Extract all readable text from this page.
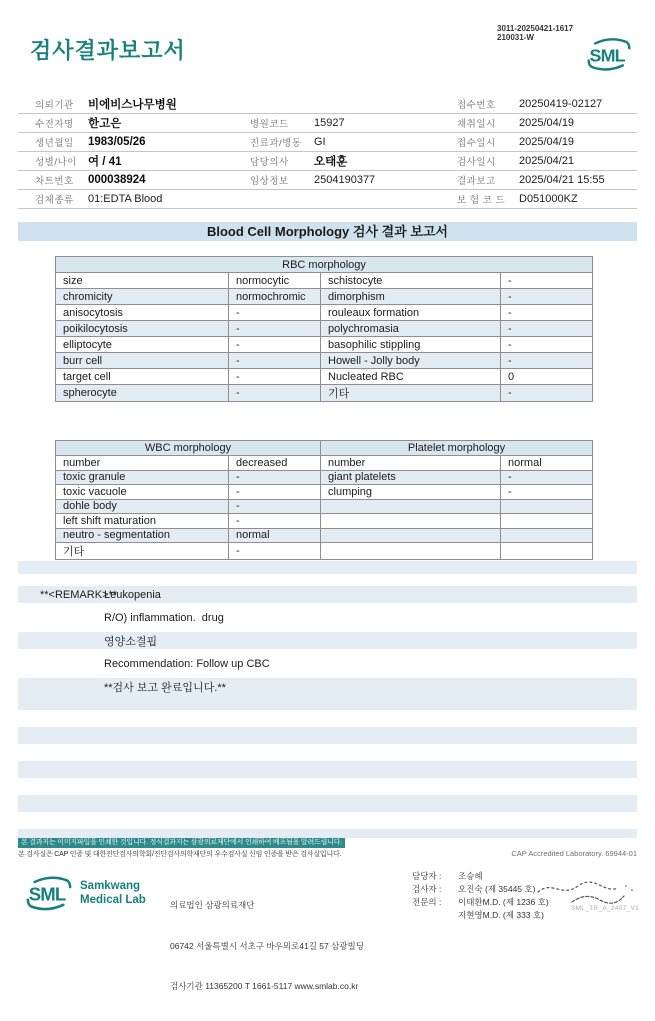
검사결과보고서
3011-20250421-1617
210031-W
SML
의뢰기관	비에비스나무병원	접수번호	20250419-02127
수진자명	한고은	병원코드	15927	채취일시	2025/04/19
생년월일	1983/05/26	진료과/병동	GI	접수일시	2025/04/19
성별/나이 여 / 41	담당의사	오태훈	검사일시	2025/04/21
차트번호	000038924	임상정보	2504190377	결과보고	2025/04/21 15:55
검체종류	01:EDTA Blood	보 험 코 드	D051000KZ
Blood Cell Morphology 검사 결과 보고서
RBC morphology			
size	normocytic	schistocyte	-
chromicity	normochromic	dimorphism	-
anisocytosis	-	rouleaux formation	-
poikilocytosis	-	polychromasia	-
elliptocyte	-	basophilic stippling	-
burr cell	-	Howell - Jolly body	-
target cell	-	Nucleated RBC	0
spherocyte	-	기타	-
WBC morphology		Platelet morphology	
number	decreased	number	normal
toxic granule	-	giant platelets	-
toxic vacuole	-	clumping	-
dohle body	-		
left shift maturation	-		
neutro - segmentation	normal		
기타	-		
**<REMARK>**
Leukopenia
R/O) inflammation.  drug
영양소결핍
Recommendation: Follow up CBC
**검사 보고 완료입니다.**
본 결과지는 이미지파일을 인쇄한 것입니다. 정식결과지는 삼광의료재단에서 인쇄하여 배포됨을 알려드립니다.
본 검사실은 CAP 인증 및 대한진단검사의학회/진단검사의학재단의 우수검사실 신임 인증을 받은 검사실입니다.	CAP Accredited Laboratory. 69944-01
SML Samkwang
Medical Lab

	의료법인 삼광의료재단

06742 서울특별시 서초구 바우뫼로41길 57 삼광빌딩

검사기관 11365200 T 1661-5117 www.smlab.co.kr

담당자 :	조승혜
검사자 :	오진숙 (제 35445 호)
전문의 :	이태환M.D. (제 1236 호)
지현영M.D. (제 333 호)
SML_TR_A_2407_V1
